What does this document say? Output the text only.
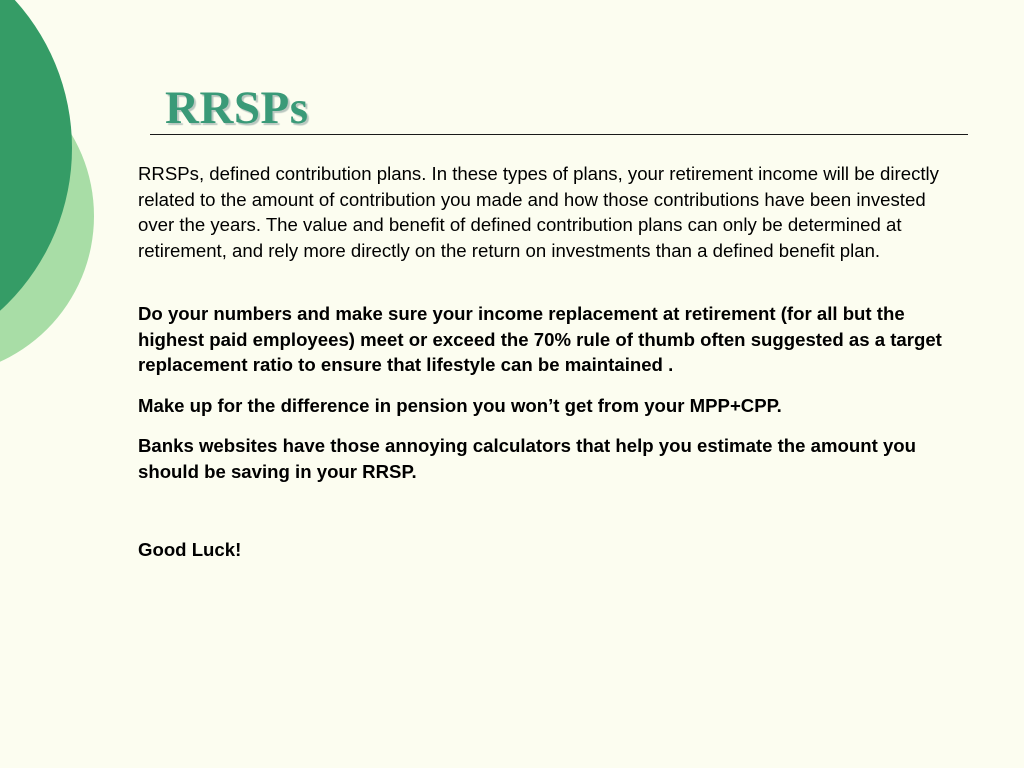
RRSPs

RRSPs, defined contribution plans. In these types of plans, your retirement income will be directly related to the amount of contribution you made and how those contributions have been invested over the years. The value and benefit of defined contribution plans can only be determined at retirement, and rely more directly on the return on investments than a defined benefit plan.

Do your numbers and make sure your income replacement at retirement (for all but the highest paid employees) meet or exceed the 70% rule of thumb often suggested as a target replacement ratio to ensure that lifestyle can be maintained .

Make up for the difference in pension you won’t get from your MPP+CPP.

Banks websites have those annoying calculators that help you estimate the amount you should be saving in your RRSP.

Good Luck!
